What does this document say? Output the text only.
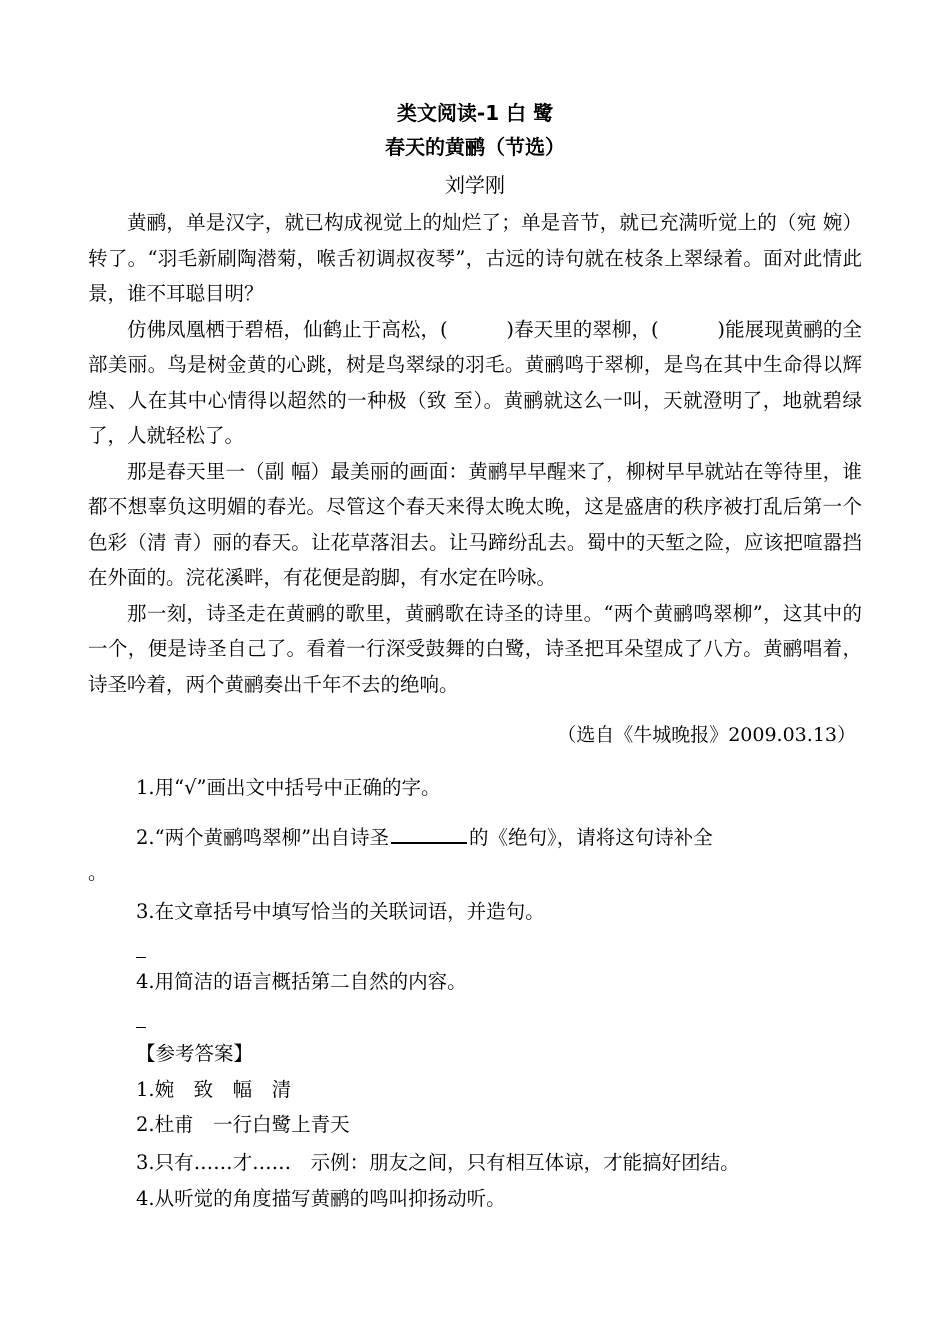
类文阅读-1 白 鹭
春天的黄鹂（节选）
刘学刚

黄鹂，单是汉字，就已构成视觉上的灿烂了；单是音节，就已充满听觉上的（宛 婉）转了。“羽毛新刷陶潜菊，喉舌初调叔夜琴”，古远的诗句就在枝条上翠绿着。面对此情此景，谁不耳聪目明？

仿佛凤凰栖于碧梧，仙鹤止于高松，(　　　)春天里的翠柳，(　　　)能展现黄鹂的全部美丽。鸟是树金黄的心跳，树是鸟翠绿的羽毛。黄鹂鸣于翠柳，是鸟在其中生命得以辉煌、人在其中心情得以超然的一种极（致 至）。黄鹂就这么一叫，天就澄明了，地就碧绿了，人就轻松了。

那是春天里一（副 幅）最美丽的画面：黄鹂早早醒来了，柳树早早就站在等待里，谁都不想辜负这明媚的春光。尽管这个春天来得太晚太晚，这是盛唐的秩序被打乱后第一个色彩（清 青）丽的春天。让花草落泪去。让马蹄纷乱去。蜀中的天堑之险，应该把喧嚣挡在外面的。浣花溪畔，有花便是韵脚，有水定在吟咏。

那一刻，诗圣走在黄鹂的歌里，黄鹂歌在诗圣的诗里。“两个黄鹂鸣翠柳”，这其中的一个，便是诗圣自己了。看着一行深受鼓舞的白鹭，诗圣把耳朵望成了八方。黄鹂唱着，诗圣吟着，两个黄鹂奏出千年不去的绝响。

（选自《牛城晚报》2009.03.13）
1.用“√”画出文中括号中正确的字。
2.“两个黄鹂鸣翠柳”出自诗圣	的《绝句》，请将这句诗补全
。
3.在文章括号中填写恰当的关联词语，并造句。
4.用简洁的语言概括第二自然的内容。
【参考答案】
1.婉　致　幅　清
2.杜甫　一行白鹭上青天
3.只有……才……　示例：朋友之间，只有相互体谅，才能搞好团结。
4.从听觉的角度描写黄鹂的鸣叫抑扬动听。
